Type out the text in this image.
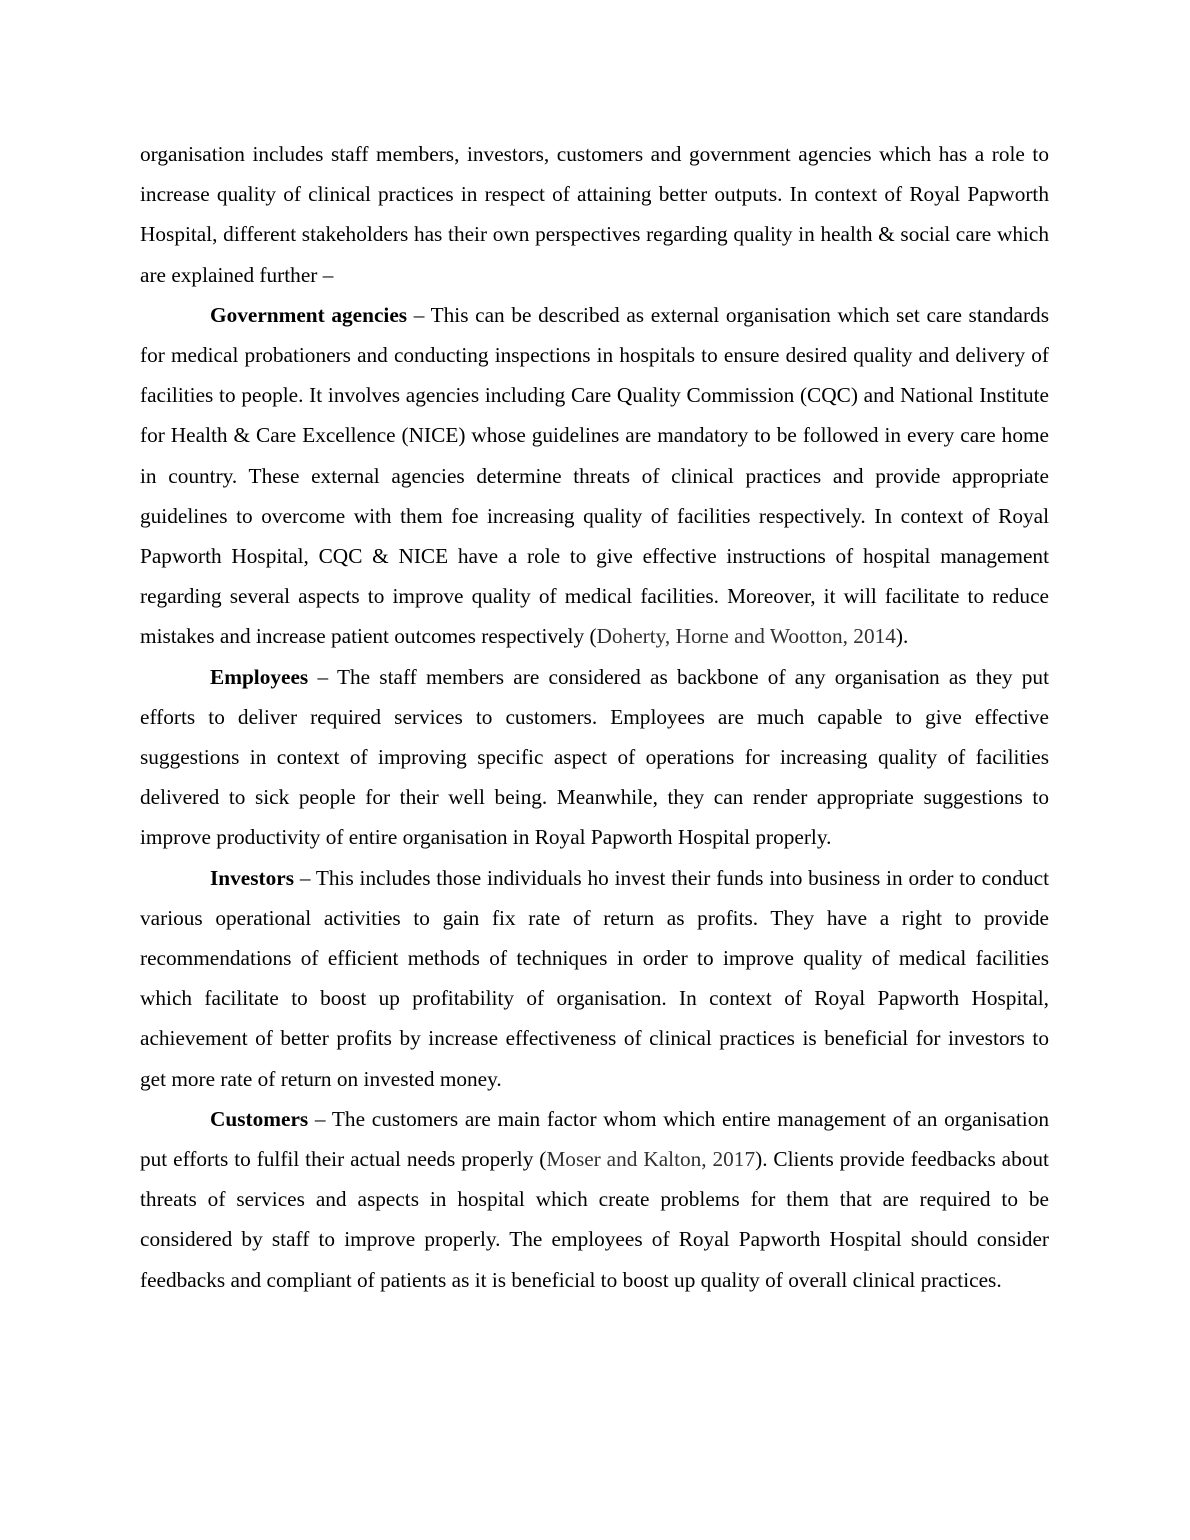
organisation includes staff members, investors, customers and government agencies which has a role to increase quality of clinical practices in respect of attaining better outputs. In context of Royal Papworth Hospital, different stakeholders has their own perspectives regarding quality in health & social care which are explained further –

Government agencies – This can be described as external organisation which set care standards for medical probationers and conducting inspections in hospitals to ensure desired quality and delivery of facilities to people. It involves agencies including Care Quality Commission (CQC) and National Institute for Health & Care Excellence (NICE) whose guidelines are mandatory to be followed in every care home in country. These external agencies determine threats of clinical practices and provide appropriate guidelines to overcome with them foe increasing quality of facilities respectively. In context of Royal Papworth Hospital, CQC & NICE have a role to give effective instructions of hospital management regarding several aspects to improve quality of medical facilities. Moreover, it will facilitate to reduce mistakes and increase patient outcomes respectively (Doherty, Horne and Wootton, 2014).

Employees – The staff members are considered as backbone of any organisation as they put efforts to deliver required services to customers. Employees are much capable to give effective suggestions in context of improving specific aspect of operations for increasing quality of facilities delivered to sick people for their well being. Meanwhile, they can render appropriate suggestions to improve productivity of entire organisation in Royal Papworth Hospital properly.

Investors – This includes those individuals ho invest their funds into business in order to conduct various operational activities to gain fix rate of return as profits. They have a right to provide recommendations of efficient methods of techniques in order to improve quality of medical facilities which facilitate to boost up profitability of organisation. In context of Royal Papworth Hospital, achievement of better profits by increase effectiveness of clinical practices is beneficial for investors to get more rate of return on invested money.

Customers – The customers are main factor whom which entire management of an organisation put efforts to fulfil their actual needs properly (Moser and Kalton, 2017). Clients provide feedbacks about threats of services and aspects in hospital which create problems for them that are required to be considered by staff to improve properly. The employees of Royal Papworth Hospital should consider feedbacks and compliant of patients as it is beneficial to boost up quality of overall clinical practices.
